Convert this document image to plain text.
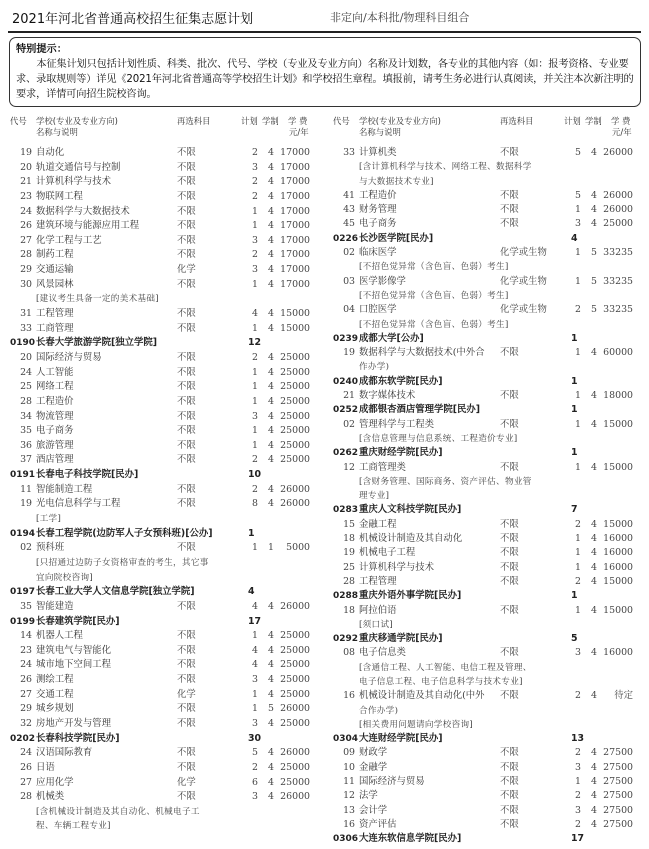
2021年河北省普通高校招生征集志愿计划	非定向/本科批/物理科目组合
特别提示：
本征集计划只包括计划性质、科类、批次、代号、学校（专业及专业方向）名称及计划数，各专业的其他内容（如：报考资格、专业要求、录取规则等）详见《2021年河北省普通高等学校招生计划》和学校招生章程。填报前，请考生务必进行认真阅读，并关注本次新注明的要求，详情可向招生院校咨询。
代号 学校(专业及专业方向)
名称与说明
再选科目	计划 学制 学 费
元/年
代号 学校(专业及专业方向)
名称与说明
再选科目	计划 学制 学 费
元/年
19 自动化	不限	2	4 17000
20 轨道交通信号与控制	不限	3	4 17000
21 计算机科学与技术	不限	2	4 17000
23 物联网工程	不限	2	4 17000
24 数据科学与大数据技术	不限	1	4 17000
26 建筑环境与能源应用工程	不限	1	4 17000
27 化学工程与工艺	不限	3	4 17000
28 制药工程	不限	2	4 17000
29 交通运输	化学	3	4 17000
30 风景园林	不限	1	4 17000
[建议考生具备一定的美术基础]
31 工程管理	不限	4	4 15000
33 工商管理	不限	1	4 15000
0190 长春大学旅游学院[独立学院]	12
20 国际经济与贸易	不限	2	4 25000
24 人工智能	不限	1	4 25000
25 网络工程	不限	1	4 25000
28 工程造价	不限	1	4 25000
34 物流管理	不限	3	4 25000
35 电子商务	不限	1	4 25000
36 旅游管理	不限	1	4 25000
37 酒店管理	不限	2	4 25000
0191 长春电子科技学院[民办]	10
11 智能制造工程	不限	2	4 26000
19 光电信息科学与工程	不限	8	4 26000
[工学]
0194 长春工程学院(边防军人子女预科班)[公办]	1
02 预科班	不限	1	1	5000
[只招通过边防子女资格审查的考生，其它事
宜向院校咨询]
0197 长春工业大学人文信息学院[独立学院]	4
35 智能建造	不限	4	4 26000
0199 长春建筑学院[民办]	17
14 机器人工程	不限	1	4 25000
23 建筑电气与智能化	不限	4	4 25000
24 城市地下空间工程	不限	4	4 25000
26 测绘工程	不限	3	4 25000
27 交通工程	化学	1	4 25000
29 城乡规划	不限	1	5 26000
32 房地产开发与管理	不限	3	4 25000
0202 长春科技学院[民办]	30
24 汉语国际教育	不限	5	4 26000
26 日语	不限	2	4 25000
27 应用化学	化学	6	4 25000
28 机械类	不限	3	4 26000
[含机械设计制造及其自动化、机械电子工
程、车辆工程专业]
33 计算机类	不限	5	4 26000
[含计算机科学与技术、网络工程、数据科学
与大数据技术专业]
41 工程造价	不限	5	4 26000
43 财务管理	不限	1	4 26000
45 电子商务	不限	3	4 25000
0226 长沙医学院[民办]	4
02 临床医学	化学或生物	1	5 33235
[不招色觉异常（含色盲、色弱）考生]
03 医学影像学	化学或生物	1	5 33235
[不招色觉异常（含色盲、色弱）考生]
04 口腔医学	化学或生物	2	5 33235
[不招色觉异常（含色盲、色弱）考生]
0239 成都大学[公办]	1
19 数据科学与大数据技术(中外合 不限	1	4 60000
作办学)
0240 成都东软学院[民办]	1
21 数字媒体技术	不限	1	4 18000
0252 成都银杏酒店管理学院[民办]	1
02 管理科学与工程类	不限	1	4 15000
[含信息管理与信息系统、工程造价专业]
0262 重庆财经学院[民办]	1
12 工商管理类	不限	1	4 15000
[含财务管理、国际商务、资产评估、物业管
理专业]
0283 重庆人文科技学院[民办]	7
15 金融工程	不限	2	4 15000
18 机械设计制造及其自动化	不限	1	4 16000
19 机械电子工程	不限	1	4 16000
25 计算机科学与技术	不限	1	4 16000
28 工程管理	不限	2	4 15000
0288 重庆外语外事学院[民办]	1
18 阿拉伯语	不限	1	4 15000
[须口试]
0292 重庆移通学院[民办]	5
08 电子信息类	不限	3	4 16000
[含通信工程、人工智能、电信工程及管理、
电子信息工程、电子信息科学与技术专业]
16 机械设计制造及其自动化(中外 不限	2	4	待定
合作办学)
[相关费用问题请向学校咨询]
0304 大连财经学院[民办]	13
09 财政学	不限	2	4 27500
10 金融学	不限	3	4 27500
11 国际经济与贸易	不限	1	4 27500
12 法学	不限	2	4 27500
13 会计学	不限	3	4 27500
16 资产评估	不限	2	4 27500
0306 大连东软信息学院[民办]	17
